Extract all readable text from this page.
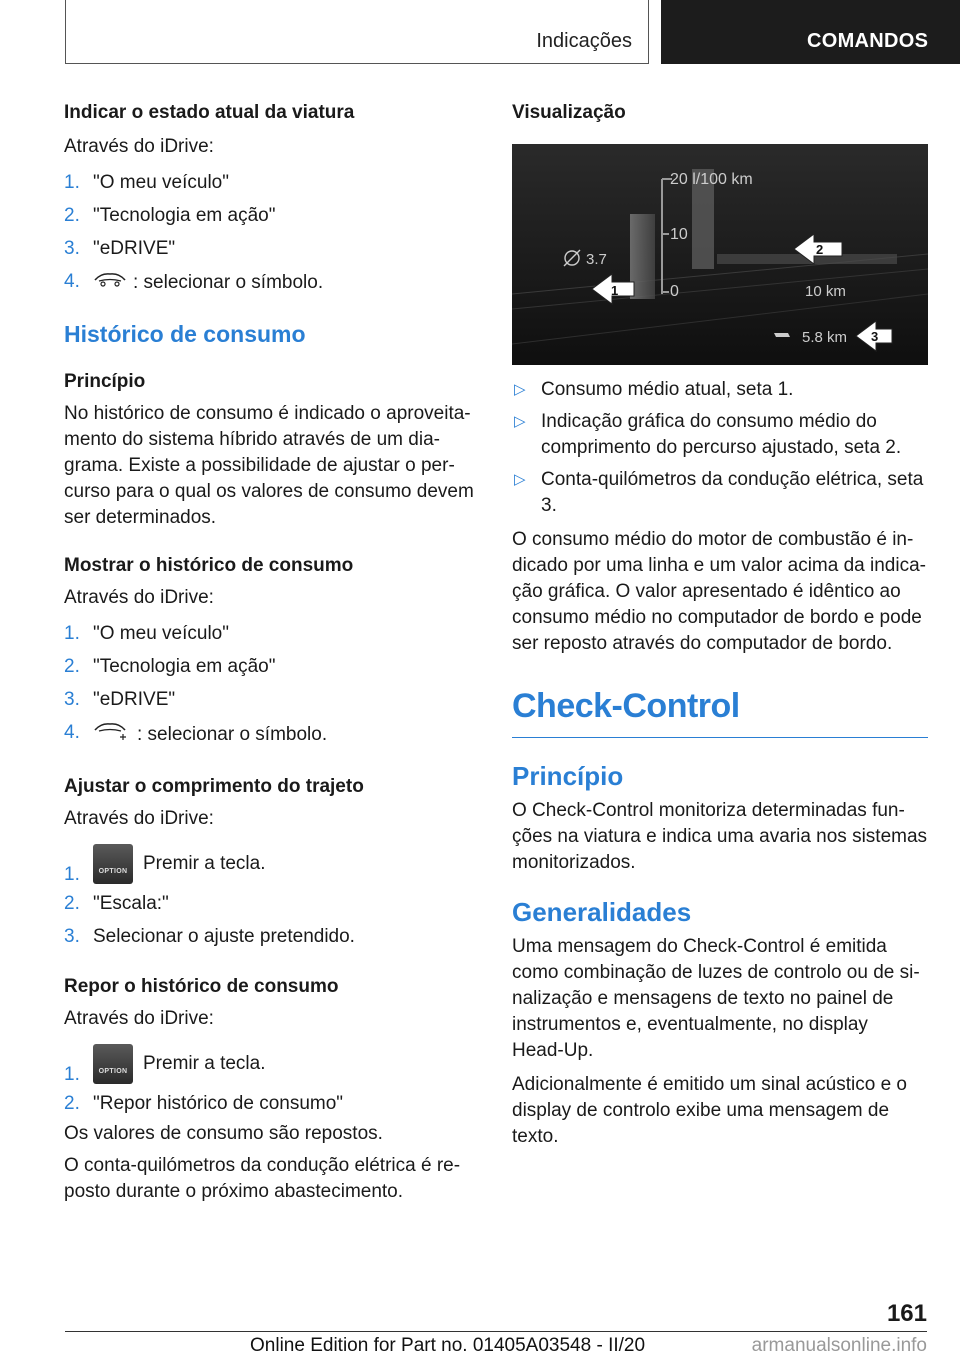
Indicações	COMANDOS

Indicar o estado atual da viatura

Através do iDrive:

1. "O meu veículo"
2. "Tecnologia em ação"
3. "eDRIVE"
4.	: selecionar o símbolo.

Histórico de consumo

Princípio

No histórico de consumo é indicado o aproveitamento do sistema híbrido através de um diagrama. Existe a possibilidade de ajustar o percurso para o qual os valores de consumo devem ser determinados.

Mostrar o histórico de consumo

Através do iDrive:

1. "O meu veículo"
2. "Tecnologia em ação"
3. "eDRIVE"
4.	: selecionar o símbolo.

Ajustar o comprimento do trajeto

Através do iDrive:

1.	OPTION Premir a tecla.
2. "Escala:"
3. Selecionar o ajuste pretendido.

Repor o histórico de consumo

Através do iDrive:

1.	OPTION Premir a tecla.
2. "Repor histórico de consumo"

Os valores de consumo são repostos.

O conta-quilómetros da condução elétrica é reposto durante o próximo abastecimento.

Visualização

20 l/100 km
10
0
3.7
10 km
5.8 km
1
2
3
▷ Consumo médio atual, seta 1.
▷ Indicação gráfica do consumo médio do comprimento do percurso ajustado, seta 2.
▷ Conta-quilómetros da condução elétrica, seta 3.

O consumo médio do motor de combustão é indicado por uma linha e um valor acima da indicação gráfica. O valor apresentado é idêntico ao consumo médio no computador de bordo e pode ser reposto através do computador de bordo.

Check-Control

Princípio

O Check-Control monitoriza determinadas funções na viatura e indica uma avaria nos sistemas monitorizados.

Generalidades

Uma mensagem do Check-Control é emitida como combinação de luzes de controlo ou de sinalização e mensagens de texto no painel de instrumentos e, eventualmente, no display Head-Up.

Adicionalmente é emitido um sinal acústico e o display de controlo exibe uma mensagem de texto.

161
Online Edition for Part no. 01405A03548 - II/20	armanualsonline.info
